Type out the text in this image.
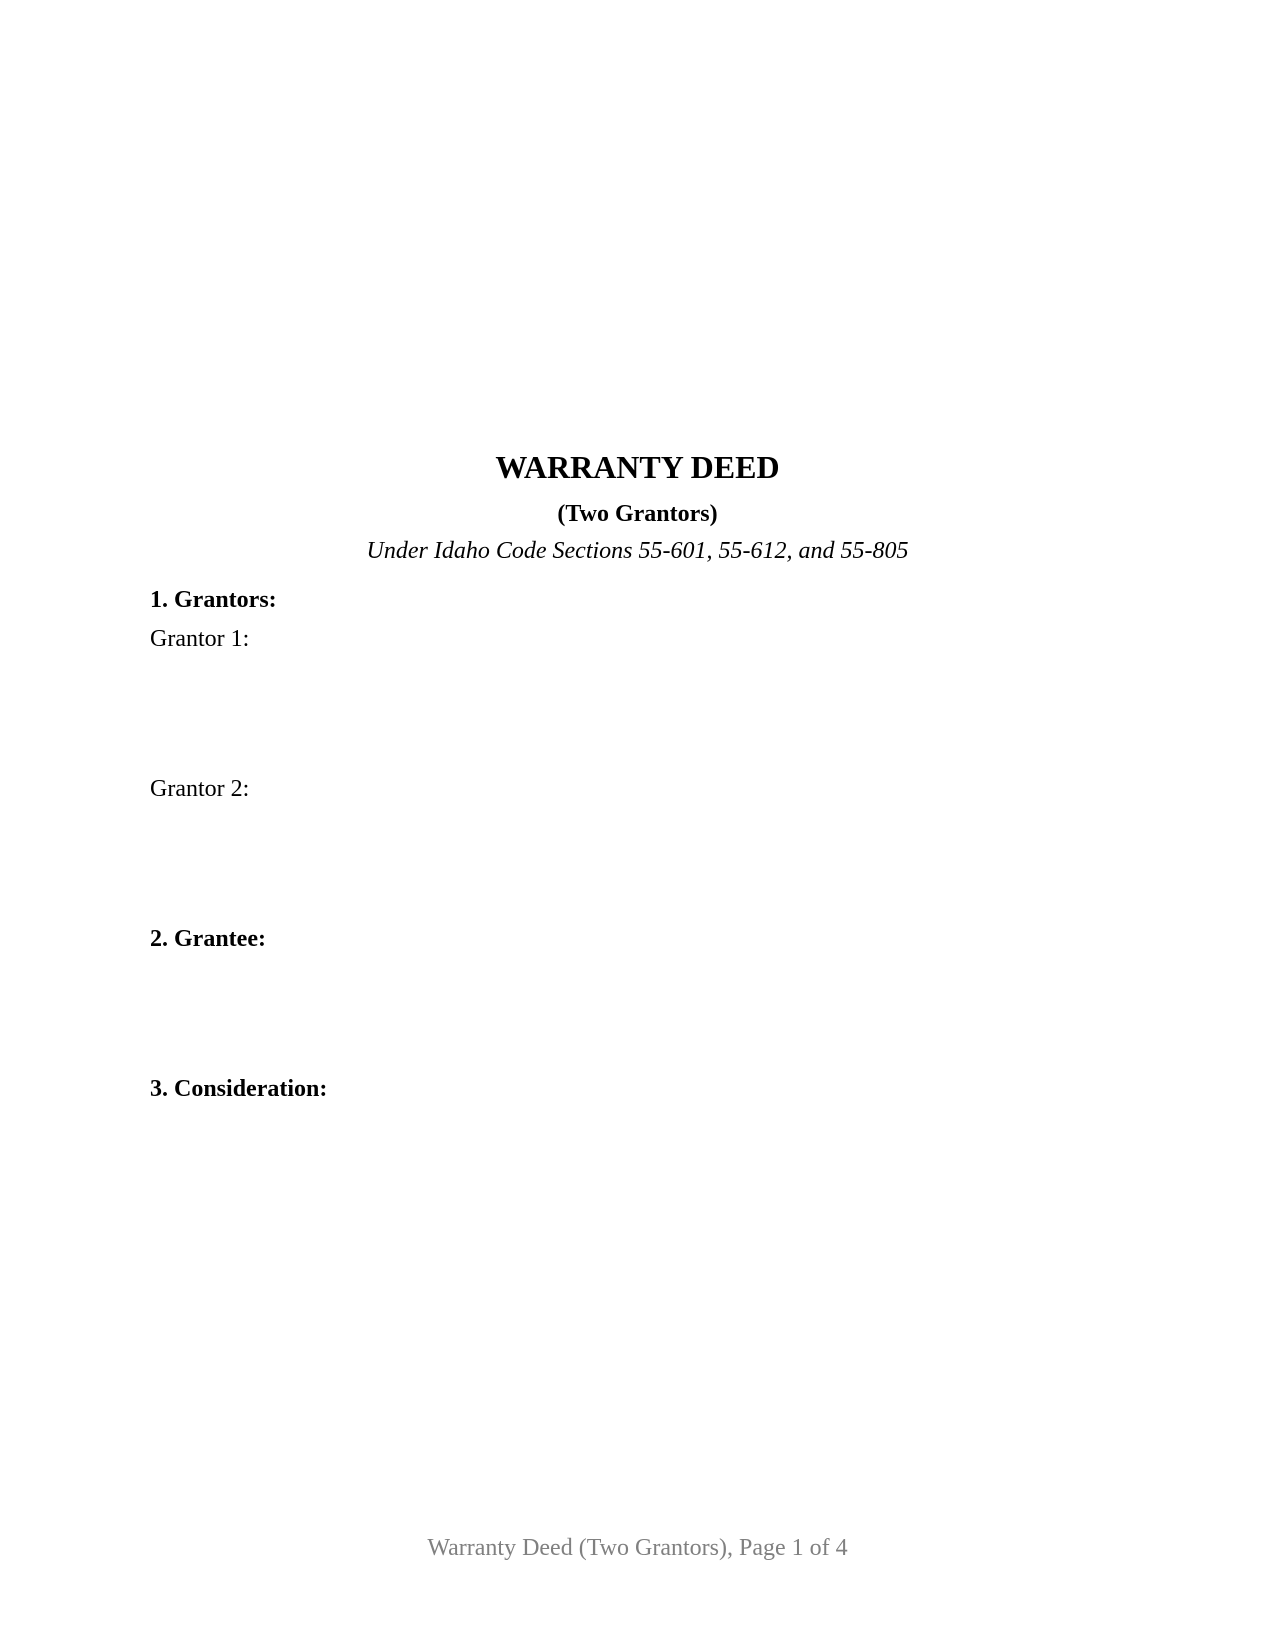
WARRANTY DEED
(Two Grantors)
Under Idaho Code Sections 55-601, 55-612, and 55-805
1. Grantors:
Grantor 1:
Grantor 2:
2. Grantee:
3. Consideration:
Warranty Deed (Two Grantors), Page 1 of 4
